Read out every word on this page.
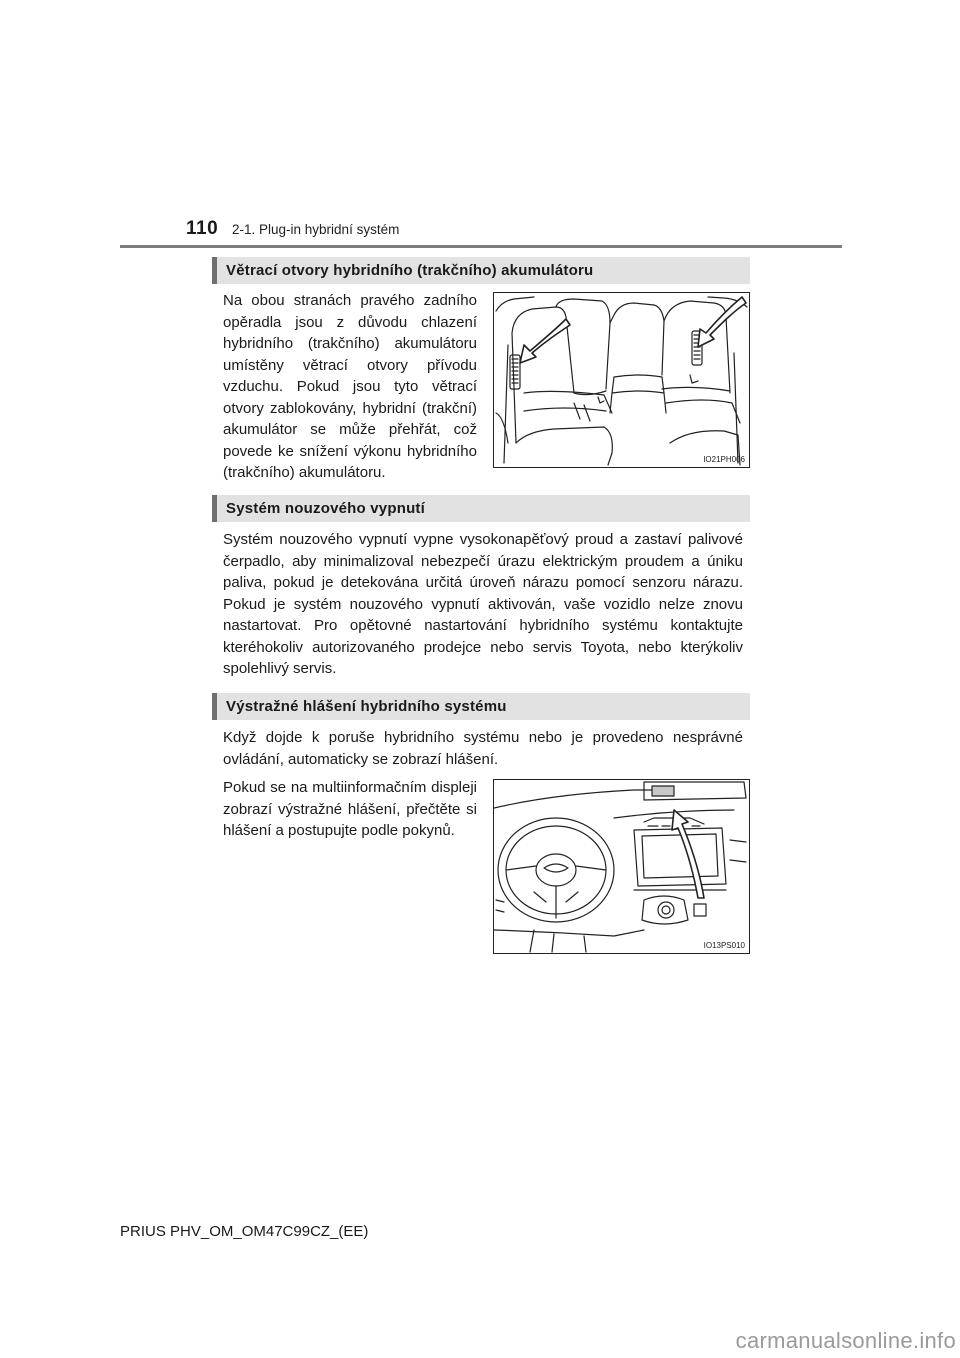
110 2-1. Plug-in hybridní systém
Větrací otvory hybridního (trakčního) akumulátoru

Na obou stranách pravého zadního opěradla jsou z důvodu chlazení hybridního (trakčního) akumulátoru umístěny větrací otvory přívodu vzduchu. Pokud jsou tyto větrací otvory zablokovány, hybridní (trakční) akumulátor se může přehřát, což povede ke snížení výkonu hybridního (trakčního) akumulátoru.

IO21PH006
Systém nouzového vypnutí

Systém nouzového vypnutí vypne vysokonapěťový proud a zastaví palivové čerpadlo, aby minimalizoval nebezpečí úrazu elektrickým proudem a úniku paliva, pokud je detekována určitá úroveň nárazu pomocí senzoru nárazu. Pokud je systém nouzového vypnutí aktivován, vaše vozidlo nelze znovu nastartovat. Pro opětovné nastartování hybridního systému kontaktujte kteréhokoliv autorizovaného prodejce nebo servis Toyota, nebo kterýkoliv spolehlivý servis.

Výstražné hlášení hybridního systému

Když dojde k poruše hybridního systému nebo je provedeno nesprávné ovládání, automaticky se zobrazí hlášení.

Pokud se na multiinformačním displeji zobrazí výstražné hlášení, přečtěte si hlášení a postupujte podle pokynů.

IO13PS010
PRIUS PHV_OM_OM47C99CZ_(EE)
carmanualsonline.info
